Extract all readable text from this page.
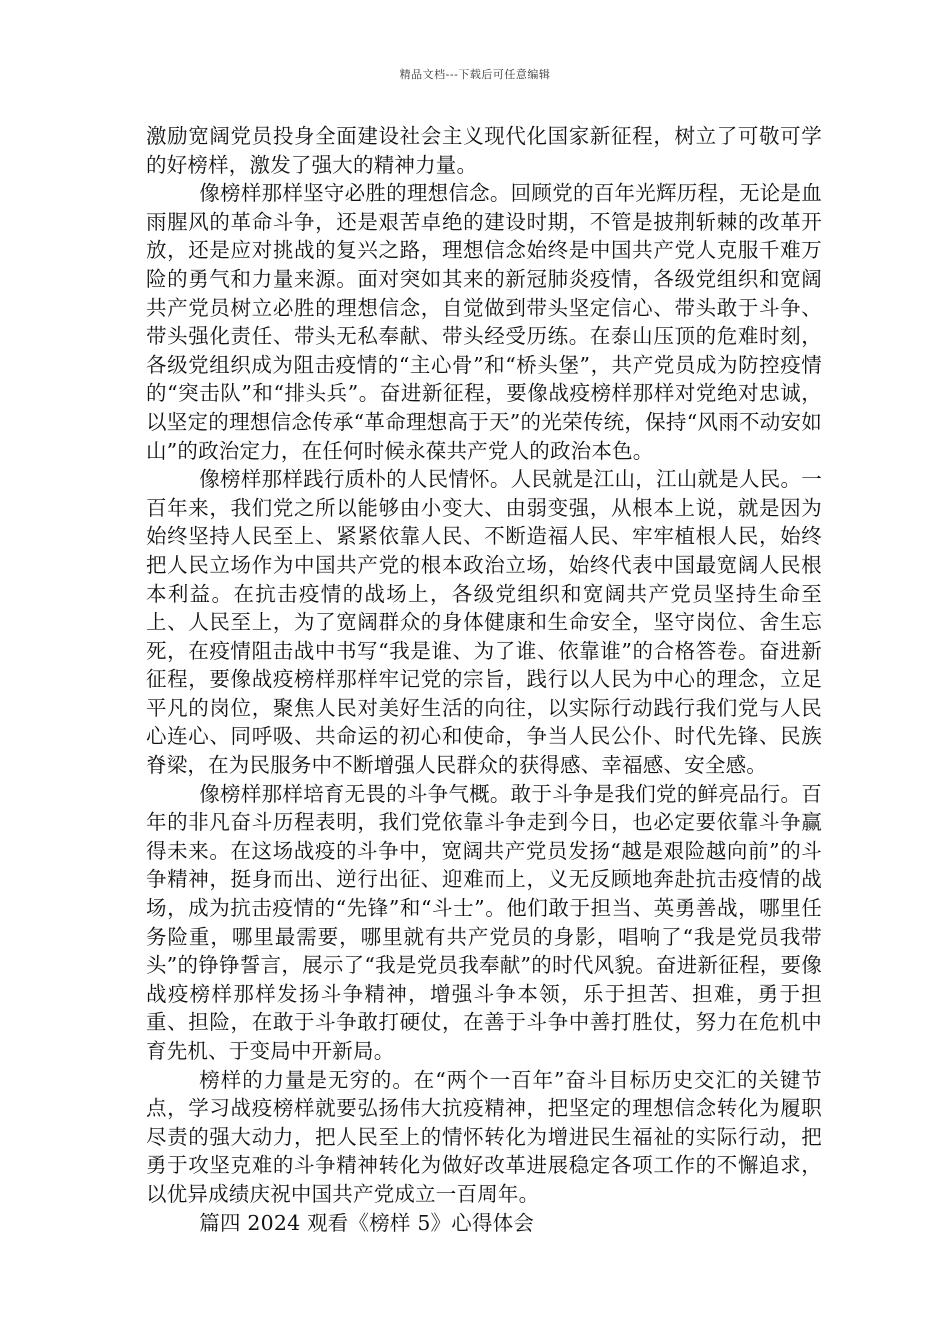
精品文档---下载后可任意编辑

激励宽阔党员投身全面建设社会主义现代化国家新征程，树立了可敬可学的好榜样，激发了强大的精神力量。

像榜样那样坚守必胜的理想信念。回顾党的百年光辉历程，无论是血雨腥风的革命斗争，还是艰苦卓绝的建设时期，不管是披荆斩棘的改革开放，还是应对挑战的复兴之路，理想信念始终是中国共产党人克服千难万险的勇气和力量来源。面对突如其来的新冠肺炎疫情，各级党组织和宽阔共产党员树立必胜的理想信念，自觉做到带头坚定信心、带头敢于斗争、带头强化责任、带头无私奉献、带头经受历练。在泰山压顶的危难时刻，各级党组织成为阻击疫情的“主心骨”和“桥头堡”，共产党员成为防控疫情的“突击队”和“排头兵”。奋进新征程，要像战疫榜样那样对党绝对忠诚，以坚定的理想信念传承“革命理想高于天”的光荣传统，保持“风雨不动安如山”的政治定力，在任何时候永葆共产党人的政治本色。

像榜样那样践行质朴的人民情怀。人民就是江山，江山就是人民。一百年来，我们党之所以能够由小变大、由弱变强，从根本上说，就是因为始终坚持人民至上、紧紧依靠人民、不断造福人民、牢牢植根人民，始终把人民立场作为中国共产党的根本政治立场，始终代表中国最宽阔人民根本利益。在抗击疫情的战场上，各级党组织和宽阔共产党员坚持生命至上、人民至上，为了宽阔群众的身体健康和生命安全，坚守岗位、舍生忘死，在疫情阻击战中书写“我是谁、为了谁、依靠谁”的合格答卷。奋进新征程，要像战疫榜样那样牢记党的宗旨，践行以人民为中心的理念，立足平凡的岗位，聚焦人民对美好生活的向往，以实际行动践行我们党与人民心连心、同呼吸、共命运的初心和使命，争当人民公仆、时代先锋、民族脊梁，在为民服务中不断增强人民群众的获得感、幸福感、安全感。

像榜样那样培育无畏的斗争气概。敢于斗争是我们党的鲜亮品行。百年的非凡奋斗历程表明，我们党依靠斗争走到今日，也必定要依靠斗争赢得未来。在这场战疫的斗争中，宽阔共产党员发扬“越是艰险越向前”的斗争精神，挺身而出、逆行出征、迎难而上，义无反顾地奔赴抗击疫情的战场，成为抗击疫情的“先锋”和“斗士”。他们敢于担当、英勇善战，哪里任务险重，哪里最需要，哪里就有共产党员的身影，唱响了“我是党员我带头”的铮铮誓言，展示了“我是党员我奉献”的时代风貌。奋进新征程，要像战疫榜样那样发扬斗争精神，增强斗争本领，乐于担苦、担难，勇于担重、担险，在敢于斗争敢打硬仗，在善于斗争中善打胜仗，努力在危机中育先机、于变局中开新局。

榜样的力量是无穷的。在“两个一百年”奋斗目标历史交汇的关键节点，学习战疫榜样就要弘扬伟大抗疫精神，把坚定的理想信念转化为履职尽责的强大动力，把人民至上的情怀转化为增进民生福祉的实际行动，把勇于攻坚克难的斗争精神转化为做好改革进展稳定各项工作的不懈追求，以优异成绩庆祝中国共产党成立一百周年。

篇四 2024 观看《榜样 5》心得体会
